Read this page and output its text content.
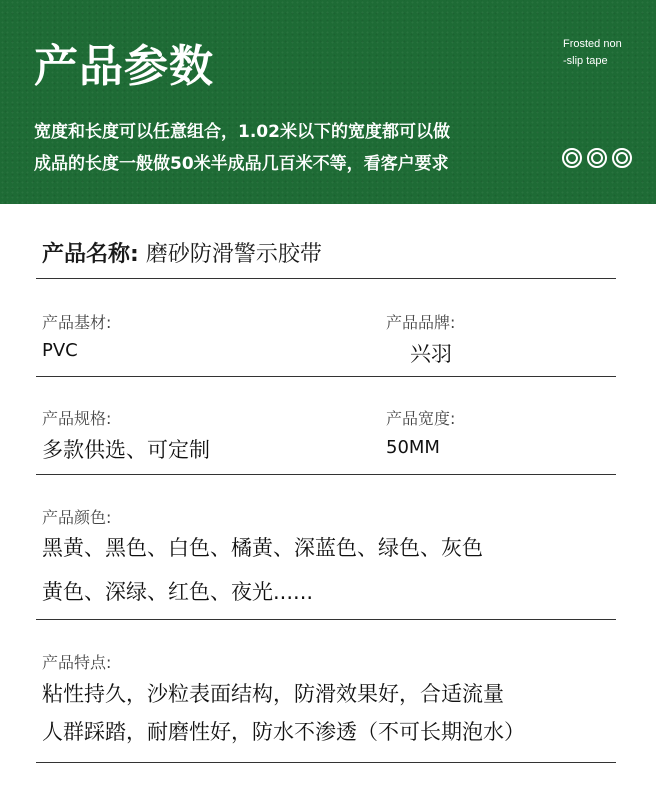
产品参数	Frosted non
-slip tape
宽度和长度可以任意组合，1.02米以下的宽度都可以做
成品的长度一般做50米半成品几百米不等，看客户要求
产品名称: 磨砂防滑警示胶带
产品基材:
PVC
产品品牌:
兴羽
产品规格:
多款供选、可定制
产品宽度:
50MM
产品颜色:
黑黄、黑色、白色、橘黄、深蓝色、绿色、灰色
黄色、深绿、红色、夜光......
产品特点:
粘性持久，沙粒表面结构，防滑效果好，合适流量
人群踩踏，耐磨性好，防水不渗透（不可长期泡水）
